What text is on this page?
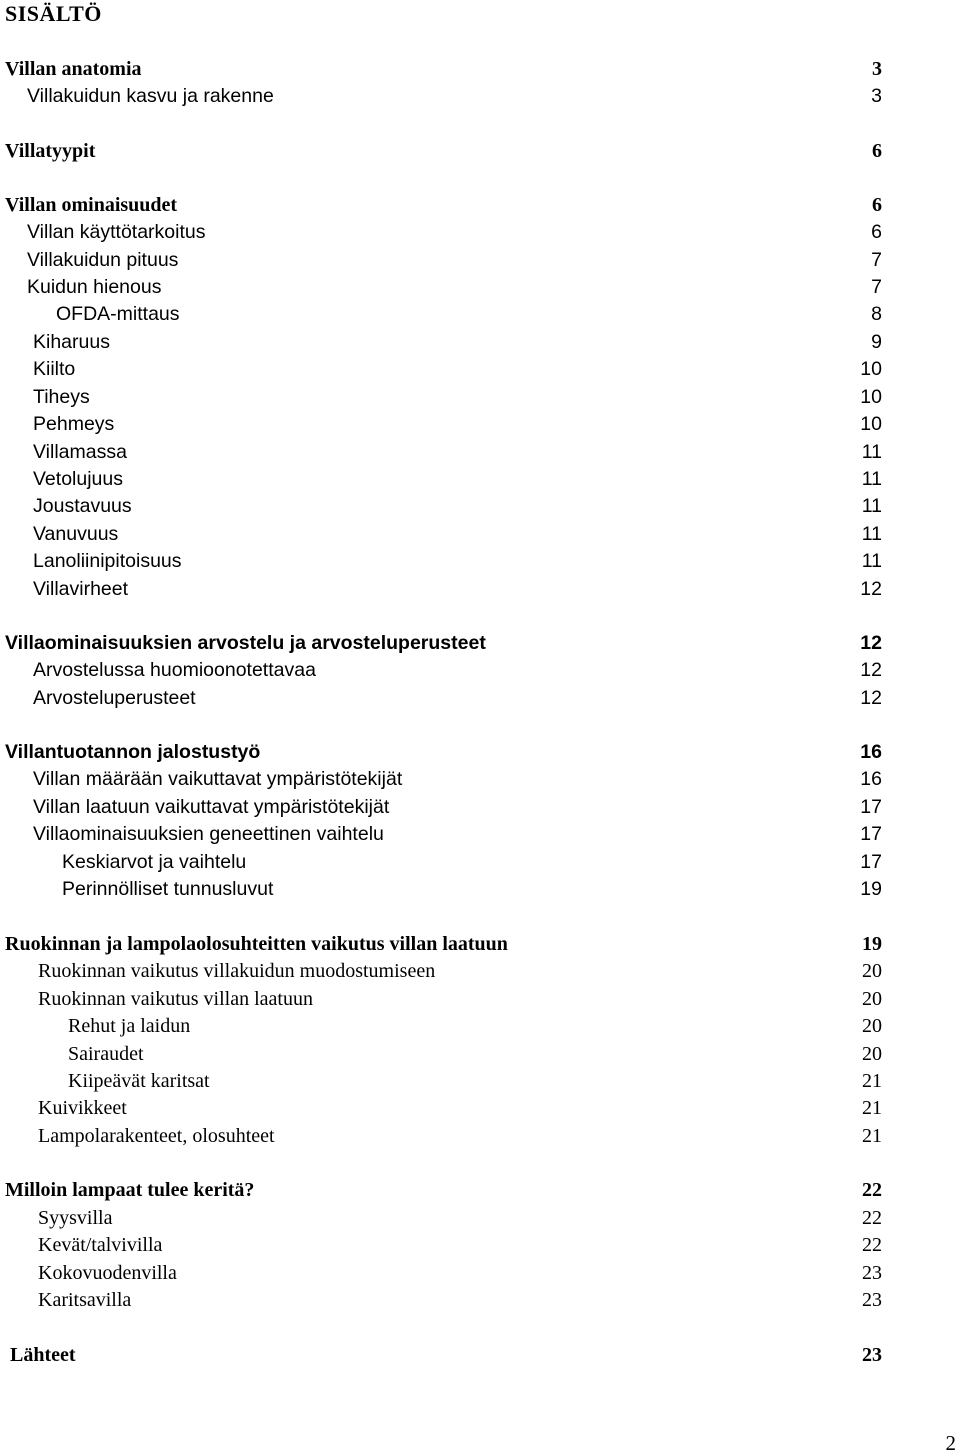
SISÄLTÖ
Villan anatomia	3
Villakuidun kasvu ja rakenne	3
Villatyypit	6
Villan ominaisuudet	6
Villan käyttötarkoitus	6
Villakuidun pituus	7
Kuidun hienous	7
OFDA-mittaus	8
Kiharuus	9
Kiilto	10
Tiheys	10
Pehmeys	10
Villamassa	11
Vetolujuus	11
Joustavuus	11
Vanuvuus	11
Lanoliinipitoisuus	11
Villavirheet	12
Villaominaisuuksien arvostelu ja arvosteluperusteet	12
Arvostelussa huomioonotettavaa	12
Arvosteluperusteet	12
Villantuotannon jalostustyö	16
Villan määrään vaikuttavat ympäristötekijät	16
Villan laatuun vaikuttavat ympäristötekijät	17
Villaominaisuuksien geneettinen vaihtelu	17
Keskiarvot ja vaihtelu	17
Perinnölliset tunnusluvut	19
Ruokinnan ja lampolaolosuhteitten vaikutus villan laatuun	19
Ruokinnan vaikutus villakuidun muodostumiseen	20
Ruokinnan vaikutus villan laatuun	20
Rehut ja laidun	20
Sairaudet	20
Kiipeävät karitsat	21
Kuivikkeet	21
Lampolarakenteet, olosuhteet	21
Milloin lampaat tulee keritä?	22
Syysvilla	22
Kevät/talvivilla	22
Kokovuodenvilla	23
Karitsavilla	23
Lähteet	23
2
